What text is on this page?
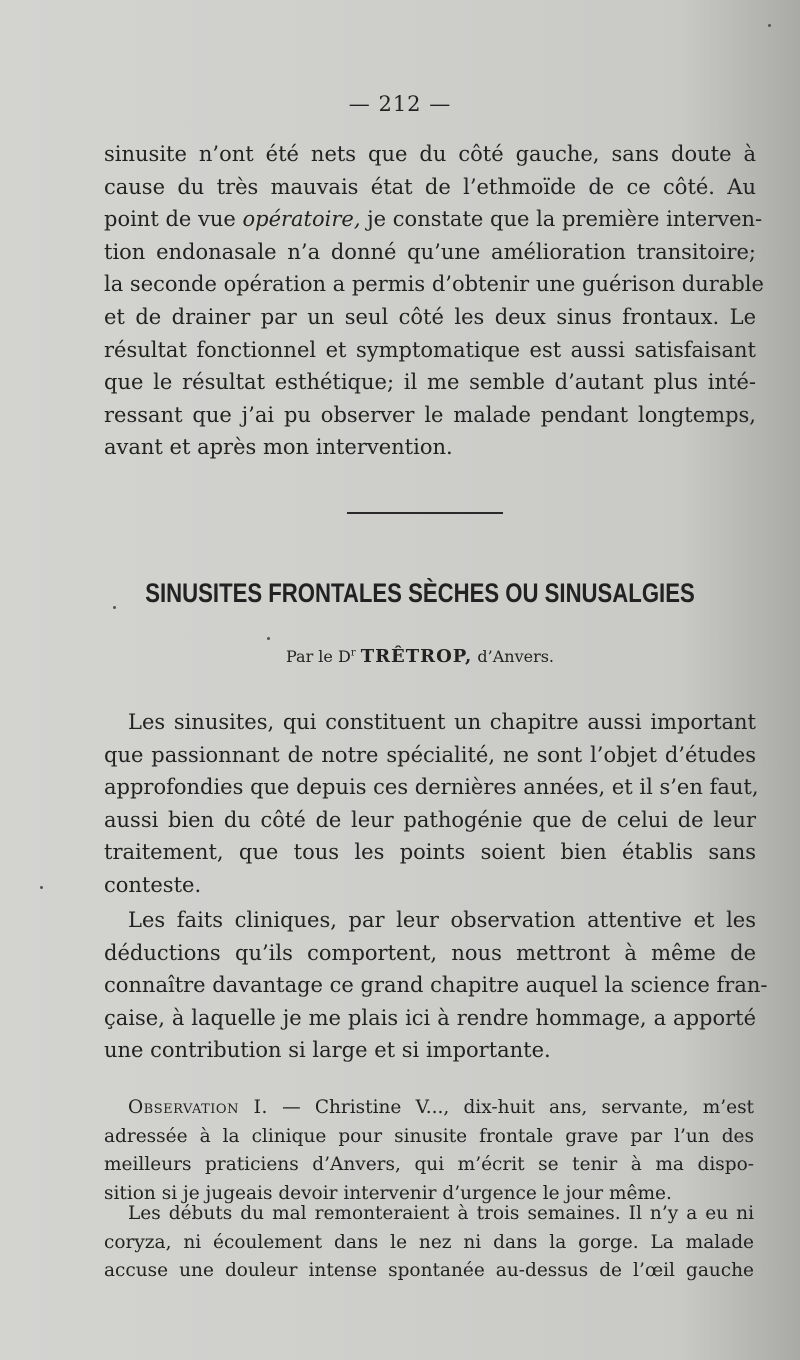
— 212 —
sinusite n’ont été nets que du côté gauche, sans doute à
cause du très mauvais état de l’ethmoïde de ce côté. Au
point de vue opératoire, je constate que la première interven-
tion endonasale n’a donné qu’une amélioration transitoire;
la seconde opération a permis d’obtenir une guérison durable
et de drainer par un seul côté les deux sinus frontaux. Le
résultat fonctionnel et symptomatique est aussi satisfaisant
que le résultat esthétique; il me semble d’autant plus inté-
ressant que j’ai pu observer le malade pendant longtemps,
avant et après mon intervention.
SINUSITES FRONTALES SÈCHES OU SINUSALGIES
Par le $D^r$ TRÊTROP, d’Anvers.
Les sinusites, qui constituent un chapitre aussi important
que passionnant de notre spécialité, ne sont l’objet d’études
approfondies que depuis ces dernières années, et il s’en faut,
aussi bien du côté de leur pathogénie que de celui de leur
traitement, que tous les points soient bien établis sans
conteste.
Les faits cliniques, par leur observation attentive et les
déductions qu’ils comportent, nous mettront à même de
connaître davantage ce grand chapitre auquel la science fran-
çaise, à laquelle je me plais ici à rendre hommage, a apporté
une contribution si large et si importante.
Observation I. — Christine V..., dix-huit ans, servante, m’est
adressée à la clinique pour sinusite frontale grave par l’un des
meilleurs praticiens d’Anvers, qui m’écrit se tenir à ma dispo-
sition si je jugeais devoir intervenir d’urgence le jour même.
Les débuts du mal remonteraient à trois semaines. Il n’y a eu ni
coryza, ni écoulement dans le nez ni dans la gorge. La malade
accuse une douleur intense spontanée au-dessus de l’œil gauche
